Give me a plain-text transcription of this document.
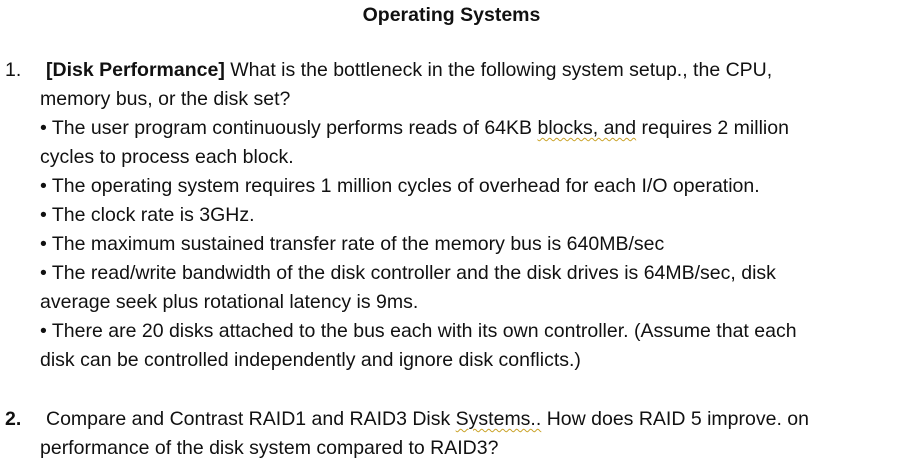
Operating Systems
1. [Disk Performance] What is the bottleneck in the following system setup., the CPU,
memory bus, or the disk set?
• The user program continuously performs reads of 64KB blocks, and requires 2 million
cycles to process each block.
• The operating system requires 1 million cycles of overhead for each I/O operation.
• The clock rate is 3GHz.
• The maximum sustained transfer rate of the memory bus is 640MB/sec
• The read/write bandwidth of the disk controller and the disk drives is 64MB/sec, disk
average seek plus rotational latency is 9ms.
• There are 20 disks attached to the bus each with its own controller. (Assume that each
disk can be controlled independently and ignore disk conflicts.)
2. Compare and Contrast RAID1 and RAID3 Disk Systems.. How does RAID 5 improve. on
performance of the disk system compared to RAID3?
